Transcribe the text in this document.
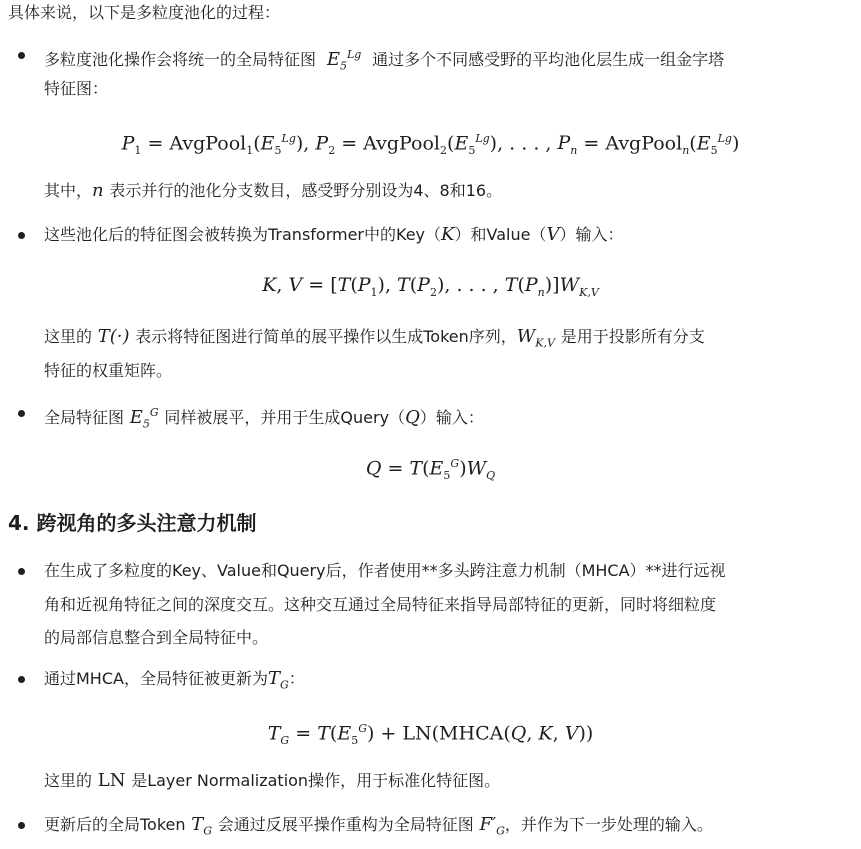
具体来说，以下是多粒度池化的过程：
多粒度池化操作会将统一的全局特征图  $E_5^{Lg}$ 通过多个不同感受野的平均池化层生成一组金字塔
特征图：
$P_1$ = $AvgPool_1(E_5^{Lg})$, $P_2$ = $AvgPool_2(E_5^{Lg})$, . . . , $P_n$ = $AvgPool_n(E_5^{Lg})$
其中，n 表示并行的池化分支数目，感受野分别设为4、8和16。
这些池化后的特征图会被转换为Transformer中的Key（K）和Value（V）输入：
K, $V = [T(P_1)$, $T(P_2)$, . . . , $T(P_n)]W_{K,V}$
这里的 T(·) 表示将特征图进行简单的展平操作以生成Token序列，$W_{K,V}$ 是用于投影所有分支
特征的权重矩阵。
全局特征图 $E_5^G$ 同样被展平，并用于生成Query（Q）输入：
$Q = T(E_5^G)W_Q$
4. 跨视角的多头注意力机制
在生成了多粒度的Key、Value和Query后，作者使用**多头跨注意力机制（MHCA）**进行远视
角和近视角特征之间的深度交互。这种交互通过全局特征来指导局部特征的更新，同时将细粒度
的局部信息整合到全局特征中。
通过MHCA，全局特征被更新为$T_G$：
$T_G = T(E_5^G)$ + LN(MHCA(Q, K, V))
这里的 LN 是Layer Normalization操作，用于标准化特征图。
更新后的全局Token $T_G$ 会通过反展平操作重构为全局特征图 $F'_G$，并作为下一步处理的输入。
